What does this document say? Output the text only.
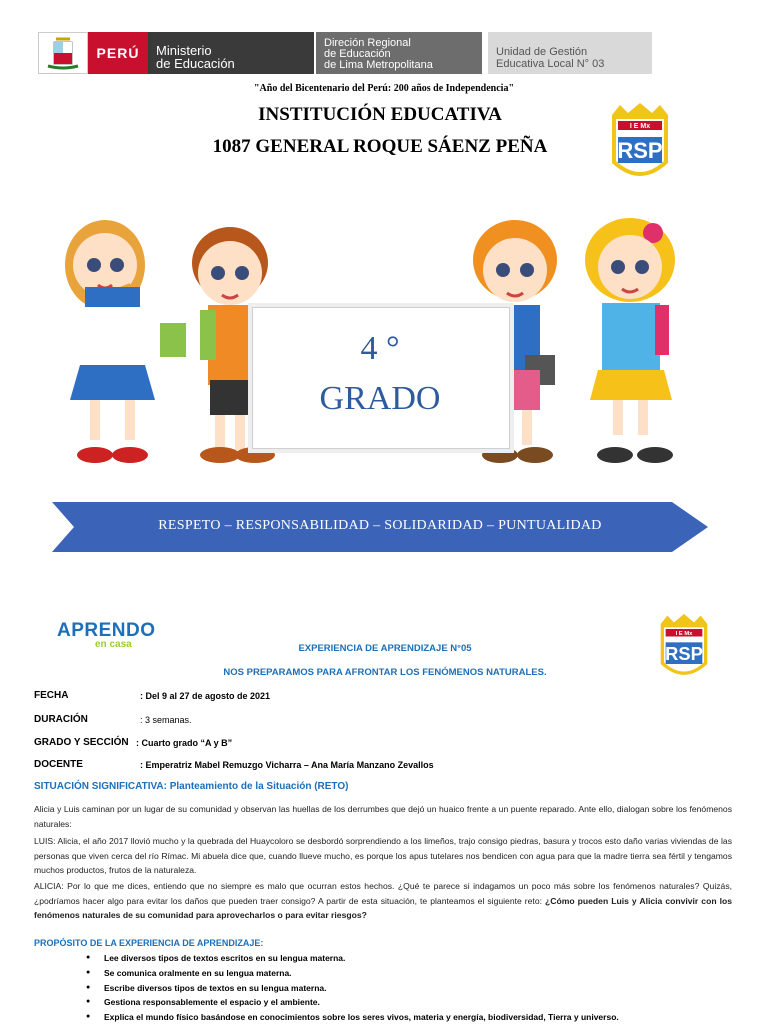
PERÚ	Ministerio
de Educación
Direción Regional
de Educación
de Lima Metropolitana
Unidad de Gestión
Educativa Local N° 03
"Año del Bicentenario del Perú: 200 años de Independencia"
INSTITUCIÓN EDUCATIVA
1087 GENERAL ROQUE SÁENZ PEÑA
I E Mx
RSP
4 °
GRADO
RESPETO – RESPONSABILIDAD – SOLIDARIDAD – PUNTUALIDAD
APRENDO
en casa
I E Mx
RSP
EXPERIENCIA DE APRENDIZAJE N°05
NOS PREPARAMOS PARA AFRONTAR LOS FENÓMENOS NATURALES.
FECHA	: Del 9 al 27 de agosto de 2021
DURACIÓN	: 3 semanas.
GRADO Y SECCIÓN : Cuarto grado “A y B”
DOCENTE	: Emperatriz Mabel Remuzgo Vicharra – Ana María Manzano Zevallos
SITUACIÓN SIGNIFICATIVA: Planteamiento de la Situación (RETO)
Alicia y Luis caminan por un lugar de su comunidad y observan las huellas de los derrumbes que dejó un huaico frente a un puente reparado. Ante ello, dialogan sobre los fenómenos naturales:
LUIS: Alicia, el año 2017 llovió mucho y la quebrada del Huaycoloro se desbordó sorprendiendo a los limeños, trajo consigo piedras, basura y trocos esto daño varias viviendas de las personas que viven cerca del río Rímac. Mi abuela dice que, cuando llueve mucho, es porque los apus tutelares nos bendicen con agua para que la madre tierra sea fértil y tengamos muchos productos, frutos de la naturaleza.
ALICIA: Por lo que me dices, entiendo que no siempre es malo que ocurran estos hechos. ¿Qué te parece si indagamos un poco más sobre los fenómenos naturales? Quizás, ¿podríamos hacer algo para evitar los daños que pueden traer consigo? A partir de esta situación, te planteamos el siguiente reto: ¿Cómo pueden Luis y Alicia convivir con los fenómenos naturales de su comunidad para aprovecharlos o para evitar riesgos?
PROPÓSITO DE LA EXPERIENCIA DE APRENDIZAJE:
● Lee diversos tipos de textos escritos en su lengua materna.
● Se comunica oralmente en su lengua materna.
● Escribe diversos tipos de textos en su lengua materna.
● Gestiona responsablemente el espacio y el ambiente.
● Explica el mundo físico basándose en conocimientos sobre los seres vivos, materia y energía, biodiversidad, Tierra y universo.
